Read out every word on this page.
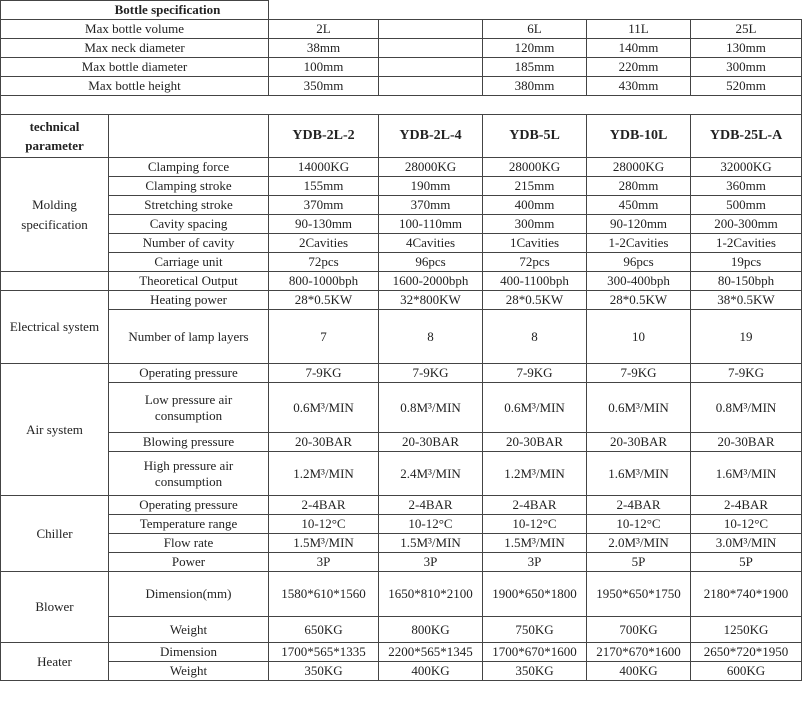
Bottle specification						
Max bottle volume		2L		6L	11L	25L
Max neck diameter		38mm		120mm	140mm	130mm
Max bottle diameter		100mm		185mm	220mm	300mm
Max bottle height		350mm		380mm	430mm	520mm

technical parameter		YDB-2L-2	YDB-2L-4	YDB-5L	YDB-10L	YDB-25L-A
Molding specification	Clamping force	14000KG	28000KG	28000KG	28000KG	32000KG
	Clamping stroke	155mm	190mm	215mm	280mm	360mm
	Stretching stroke	370mm	370mm	400mm	450mm	500mm
	Cavity spacing	90-130mm	100-110mm	300mm	90-120mm	200-300mm
	Number of cavity	2Cavities	4Cavities	1Cavities	1-2Cavities	1-2Cavities
	Carriage unit	72pcs	96pcs	72pcs	96pcs	19pcs
	Theoretical Output	800-1000bph	1600-2000bph	400-1100bph	300-400bph	80-150bph
Electrical system	Heating power	28*0.5KW	32*800KW	28*0.5KW	28*0.5KW	38*0.5KW
	Number of lamp layers	7	8	8	10	19
Air system	Operating pressure	7-9KG	7-9KG	7-9KG	7-9KG	7-9KG
	Low pressure air consumption	0.6M³/MIN	0.8M³/MIN	0.6M³/MIN	0.6M³/MIN	0.8M³/MIN
	Blowing pressure	20-30BAR	20-30BAR	20-30BAR	20-30BAR	20-30BAR
	High pressure air consumption	1.2M³/MIN	2.4M³/MIN	1.2M³/MIN	1.6M³/MIN	1.6M³/MIN
Chiller	Operating pressure	2-4BAR	2-4BAR	2-4BAR	2-4BAR	2-4BAR
	Temperature range	10-12°C	10-12°C	10-12°C	10-12°C	10-12°C
	Flow rate	1.5M³/MIN	1.5M³/MIN	1.5M³/MIN	2.0M³/MIN	3.0M³/MIN
	Power	3P	3P	3P	5P	5P
Blower	Dimension(mm)	1580*610*1560	1650*810*2100	1900*650*1800	1950*650*1750	2180*740*1900
	Weight	650KG	800KG	750KG	700KG	1250KG
Heater	Dimension	1700*565*1335	2200*565*1345	1700*670*1600	2170*670*1600	2650*720*1950
	Weight	350KG	400KG	350KG	400KG	600KG
